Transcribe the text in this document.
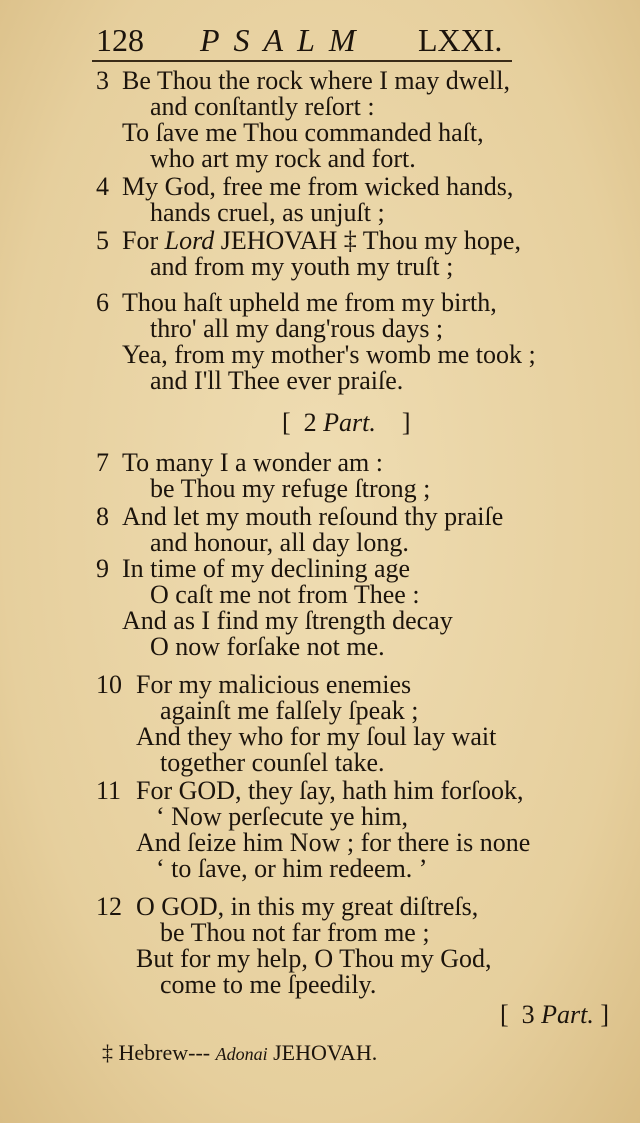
128 PSALM LXXI.
3 Be Thou the rock where I may dwell,
and conſtantly reſort :
To ſave me Thou commanded haſt,
who art my rock and fort.
4 My God, free me from wicked hands,
hands cruel, as unjuſt ;
5 For Lord JEHOVAH ‡ Thou my hope,
and from my youth my truſt ;
6 Thou haſt upheld me from my birth,
thro' all my dang'rous days ;
Yea, from my mother's womb me took ;
and I'll Thee ever praiſe.
[ 2 Part. ]
7 To many I a wonder am :
be Thou my refuge ſtrong ;
8 And let my mouth reſound thy praiſe
and honour, all day long.
9 In time of my declining age
O caſt me not from Thee :
And as I find my ſtrength decay
O now forſake not me.
10 For my malicious enemies
againſt me falſely ſpeak ;
And they who for my ſoul lay wait
together counſel take.
11 For GOD, they ſay, hath him forſook,
‘ Now perſecute ye him,
And ſeize him Now ; for there is none
‘ to ſave, or him redeem. ’
12 O GOD, in this my great diſtreſs,
be Thou not far from me ;
But for my help, O Thou my God,
come to me ſpeedily.
[ 3 Part. ]
‡ Hebrew--- Adonai JEHOVAH.
